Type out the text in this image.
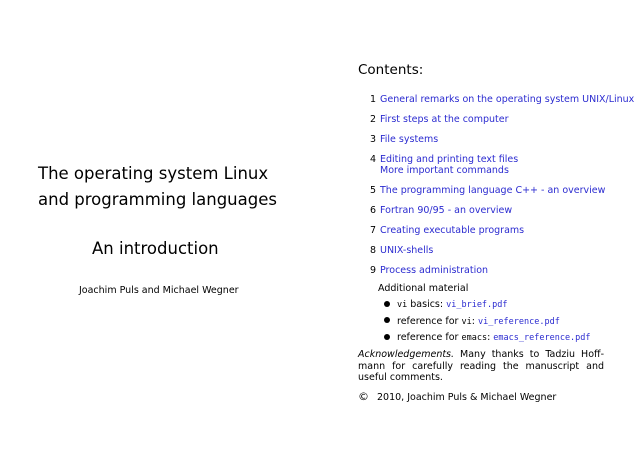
The operating system Linux
and programming languages
An introduction
Joachim Puls and Michael Wegner
Contents:
1 General remarks on the operating system UNIX/Linux
2 First steps at the computer
3 File systems
4 Editing and printing text files
More important commands
5 The programming language C++ - an overview
6 Fortran 90/95 - an overview
7 Creating executable programs
8 UNIX-shells
9 Process administration
Additional material
vi basics: vi_brief.pdf
reference for vi: vi_reference.pdf
reference for emacs: emacs_reference.pdf
Acknowledgements. Many thanks to Tadziu Hoff-mann for carefully reading the manuscript and useful comments.
© 2010, Joachim Puls & Michael Wegner
